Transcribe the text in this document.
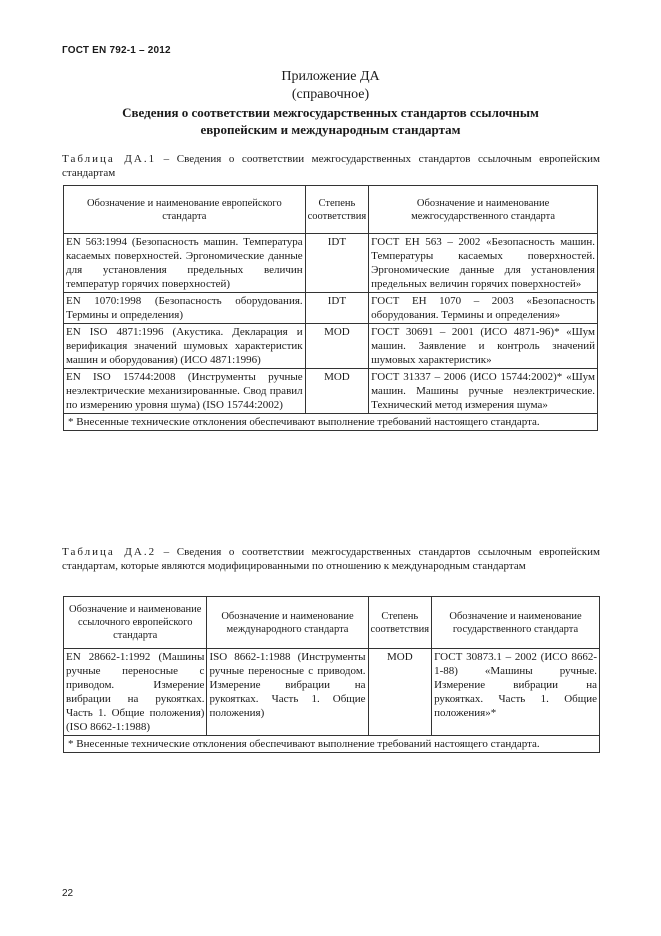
ГОСТ EN 792-1 – 2012
Приложение ДА
(справочное)
Сведения о соответствии межгосударственных стандартов ссылочным
европейским и международным стандартам
Таблица ДА.1 – Сведения о соответствии межгосударственных стандартов ссылочным европейским стандартам
Обозначение и наименование европейского стандарта	Степень соответствия	Обозначение и наименование межгосударственного стандарта
EN 563:1994 (Безопасность машин. Температура касаемых поверхностей. Эргономические данные для установления предельных величин температур горячих поверхностей)	IDT	ГОСТ ЕН 563 – 2002 «Безопасность машин. Температуры касаемых поверхностей. Эргономические данные для установления предельных величин горячих поверхностей»
EN 1070:1998 (Безопасность оборудования. Термины и определения)	IDT	ГОСТ ЕН 1070 – 2003 «Безопасность оборудования. Термины и определения»
EN ISO 4871:1996 (Акустика. Декларация и верификация значений шумовых характеристик машин и оборудования) (ИСО 4871:1996)	MOD	ГОСТ 30691 – 2001 (ИСО 4871-96)* «Шум машин. Заявление и контроль значений шумовых характеристик»
EN ISO 15744:2008 (Инструменты ручные неэлектрические механизированные. Свод правил по измерению уровня шума) (ISO 15744:2002)	MOD	ГОСТ 31337 – 2006 (ИСО 15744:2002)* «Шум машин. Машины ручные неэлектрические. Технический метод измерения шума»
* Внесенные технические отклонения обеспечивают выполнение требований настоящего стандарта.		
Таблица ДА.2 – Сведения о соответствии межгосударственных стандартов ссылочным европейским стандартам, которые являются модифицированными по отношению к международным стандартам
Обозначение и наименование ссылочного европейского стандарта	Обозначение и наименование международного стандарта	Степень соответствия	Обозначение и наименование государственного стандарта
EN 28662-1:1992 (Машины ручные переносные с приводом. Измерение вибрации на рукоятках. Часть 1. Общие положения) (ISO 8662-1:1988)	ISO 8662-1:1988 (Инструменты ручные переносные с приводом. Измерение вибрации на рукоятках. Часть 1. Общие положения)	MOD	ГОСТ 30873.1 – 2002 (ИСО 8662-1-88) «Машины ручные. Измерение вибрации на рукоятках. Часть 1. Общие положения»*
* Внесенные технические отклонения обеспечивают выполнение требований настоящего стандарта.			
22
